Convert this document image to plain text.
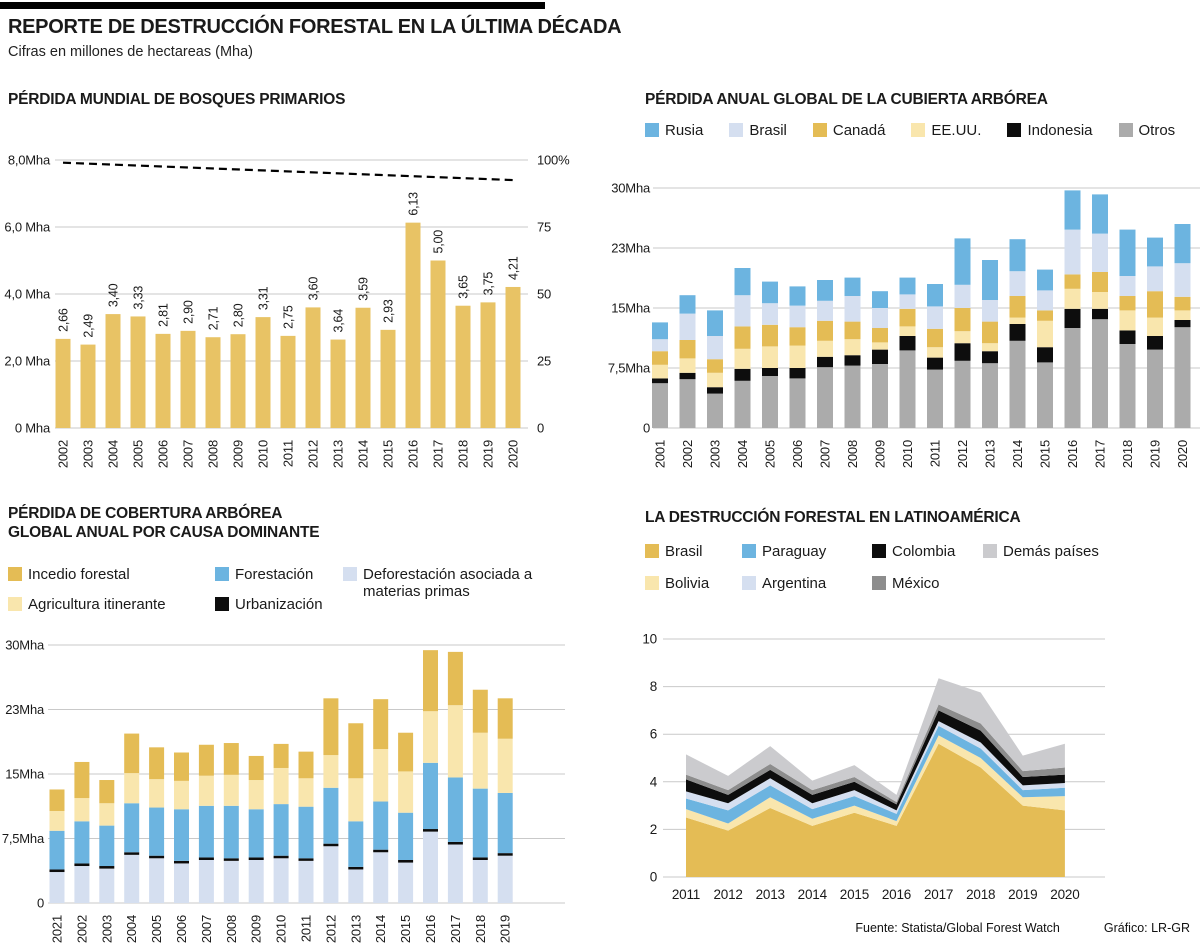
REPORTE DE DESTRUCCIÓN FORESTAL EN LA ÚLTIMA DÉCADA
Cifras en millones de hectareas (Mha)
PÉRDIDA MUNDIAL DE BOSQUES PRIMARIOS	PÉRDIDA ANUAL GLOBAL DE LA CUBIERTA ARBÓREA
PÉRDIDA DE COBERTURA ARBÓREA
GLOBAL ANUAL POR CAUSA DOMINANTE
LA DESTRUCCIÓN FORESTAL EN LATINOAMÉRICA
Rusia	Brasil	Canadá	EE.UU.	Indonesia	Otros
Incedio forestal
Agricultura itinerante
Forestación
Urbanización
Deforestación asociada a materias primas
Brasil	Paraguay	Colombia	Demás países
Bolivia	Argentina	México
8,0Mha
6,0 Mha
4,0 Mha
2,0 Mha
0 Mha
100%
75
50
25
0
2,66
2002
2,49
2003
3,40
2004
3,33
2005
2,81
2006
2,90
2007
2,71
2008
2,80
2009
3,31
2010
2,75
2011
3,60
2012
3,64
2013
3,59
2014
2,93
2015
6,13
2016
5,00
2017
3,65
2018
3,75
2019
4,21
2020
30Mha
23Mha
15Mha
7,5Mha
0
2001 2002 2003 2004 2005 2006 2007 2008 2009 2010 2011 2012 2013 2014 2015 2016 2017 2018 2019 2020
30Mha
23Mha
15Mha
7,5Mha
0
2021 2002 2003 2004 2005 2006 2007 2008 2009 2010 2011 2012 2013 2014 2015 2016 2017 2018 2019
10
8
6
4
2
0
2011 2012 2013 2014 2015 2016 2017 2018 2019 2020
Fuente: Statista/Global Forest Watch	Gráfico: LR-GR
